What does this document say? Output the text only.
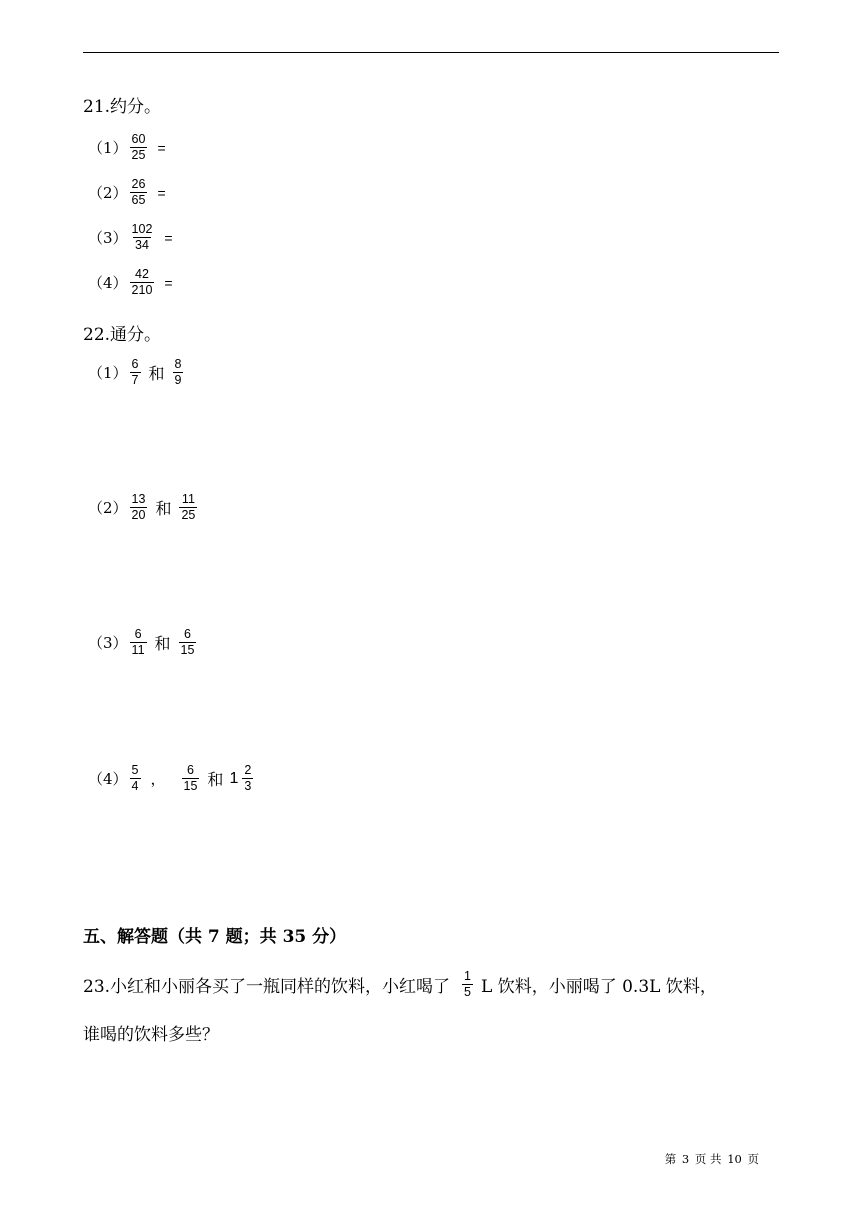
21.约分。
$(1) \frac{60}{25}$ =
$(2) \frac{26}{65}$ =
$(3) \frac{102}{34}$ =
$(4) \frac{42}{210}$ =
22.通分。
$(1) \frac{6}{7}$ 和 $\frac{8}{9}$
$(2) \frac{13}{20}$ 和 $\frac{11}{25}$
$(3) \frac{6}{11}$ 和 $\frac{6}{15}$
$(4) \frac{5}{4}$ ， $\frac{6}{15}$ 和 $1 \frac{2}{3}$
五、解答题（共 7 题；共 35 分）
23.小红和小丽各买了一瓶同样的饮料，小红喝了 $\frac{1}{5}$ L 饮料，小丽喝了 0.3L 饮料，
谁喝的饮料多些？
第 3 页 共 10 页
